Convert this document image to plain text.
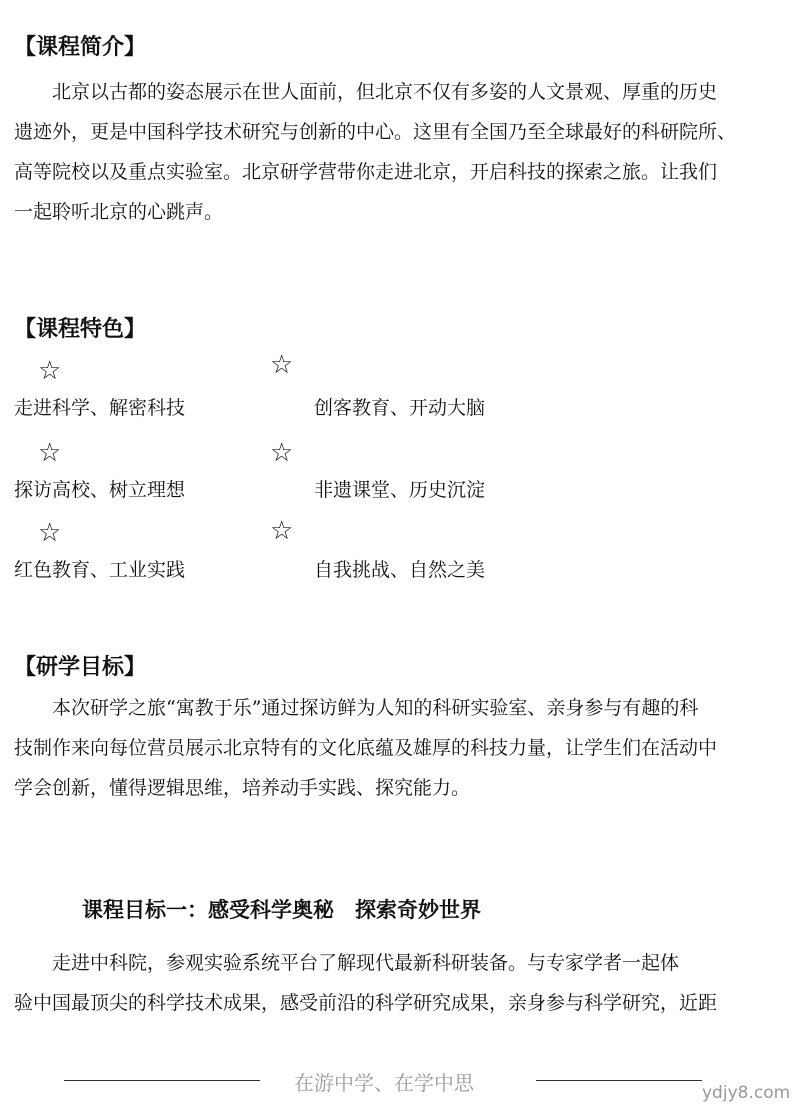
【课程简介】
北京以古都的姿态展示在世人面前，但北京不仅有多姿的人文景观、厚重的历史
遗迹外，更是中国科学技术研究与创新的中心。这里有全国乃至全球最好的科研院所、
高等院校以及重点实验室。北京研学营带你走进北京，开启科技的探索之旅。让我们
一起聆听北京的心跳声。
【课程特色】
☆	☆
走进科学、解密科技	创客教育、开动大脑
☆	☆
探访高校、树立理想	非遗课堂、历史沉淀
☆	☆
红色教育、工业实践	自我挑战、自然之美
【研学目标】
本次研学之旅“寓教于乐”通过探访鲜为人知的科研实验室、亲身参与有趣的科
技制作来向每位营员展示北京特有的文化底蕴及雄厚的科技力量，让学生们在活动中
学会创新，懂得逻辑思维，培养动手实践、探究能力。
课程目标一：感受科学奥秘　探索奇妙世界
走进中科院，参观实验系统平台了解现代最新科研装备。与专家学者一起体
验中国最顶尖的科学技术成果，感受前沿的科学研究成果，亲身参与科学研究，近距
在游中学、在学中思	ydjy8.com
